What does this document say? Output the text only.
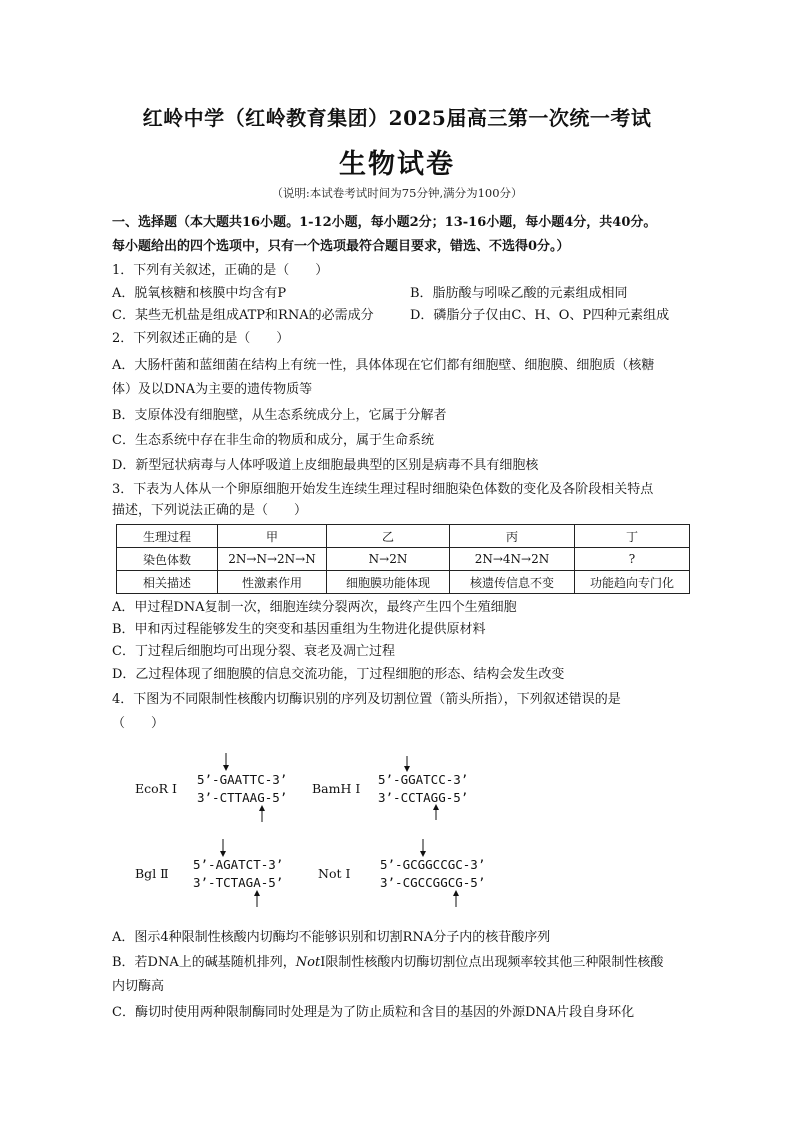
红岭中学（红岭教育集团）2025届高三第一次统一考试
生物试卷
（说明:本试卷考试时间为75分钟,满分为100分）
一、选择题（本大题共16小题。1-12小题，每小题2分；13-16小题，每小题4分，共40分。
每小题给出的四个选项中，只有一个选项最符合题目要求，错选、不选得0分。）
1．下列有关叙述，正确的是（　　）
A．脱氧核糖和核膜中均含有P	B．脂肪酸与吲哚乙酸的元素组成相同
C．某些无机盐是组成ATP和RNA的必需成分	D．磷脂分子仅由C、H、O、P四种元素组成
2．下列叙述正确的是（　　）
A．大肠杆菌和蓝细菌在结构上有统一性，具体体现在它们都有细胞壁、细胞膜、细胞质（核糖
体）及以DNA为主要的遗传物质等
B．支原体没有细胞壁，从生态系统成分上，它属于分解者
C．生态系统中存在非生命的物质和成分，属于生命系统
D．新型冠状病毒与人体呼吸道上皮细胞最典型的区别是病毒不具有细胞核
3．下表为人体从一个卵原细胞开始发生连续生理过程时细胞染色体数的变化及各阶段相关特点
描述，下列说法正确的是（　　）
生理过程	甲	乙	丙	丁
染色体数	2N→N→2N→N	N→2N	2N→4N→2N	?
相关描述	性激素作用	细胞膜功能体现	核遗传信息不变	功能趋向专门化
A．甲过程DNA复制一次，细胞连续分裂两次，最终产生四个生殖细胞
B．甲和丙过程能够发生的突变和基因重组为生物进化提供原材料
C．丁过程后细胞均可出现分裂、衰老及凋亡过程
D．乙过程体现了细胞膜的信息交流功能，丁过程细胞的形态、结构会发生改变
4．下图为不同限制性核酸内切酶识别的序列及切割位置（箭头所指），下列叙述错误的是
（　　）
EcoR Ⅰ
5’-GAATTC-3’
3’-CTTAAG-5’
BamH Ⅰ
5’-GGATCC-3’
3’-CCTAGG-5’
Bgl Ⅱ
5’-AGATCT-3’
3’-TCTAGA-5’
Not Ⅰ
5’-GCGGCCGC-3’
3’-CGCCGGCG-5’
A．图示4种限制性核酸内切酶均不能够识别和切割RNA分子内的核苷酸序列
B．若DNA上的碱基随机排列，NotⅠ限制性核酸内切酶切割位点出现频率较其他三种限制性核酸
内切酶高
C．酶切时使用两种限制酶同时处理是为了防止质粒和含目的基因的外源DNA片段自身环化
